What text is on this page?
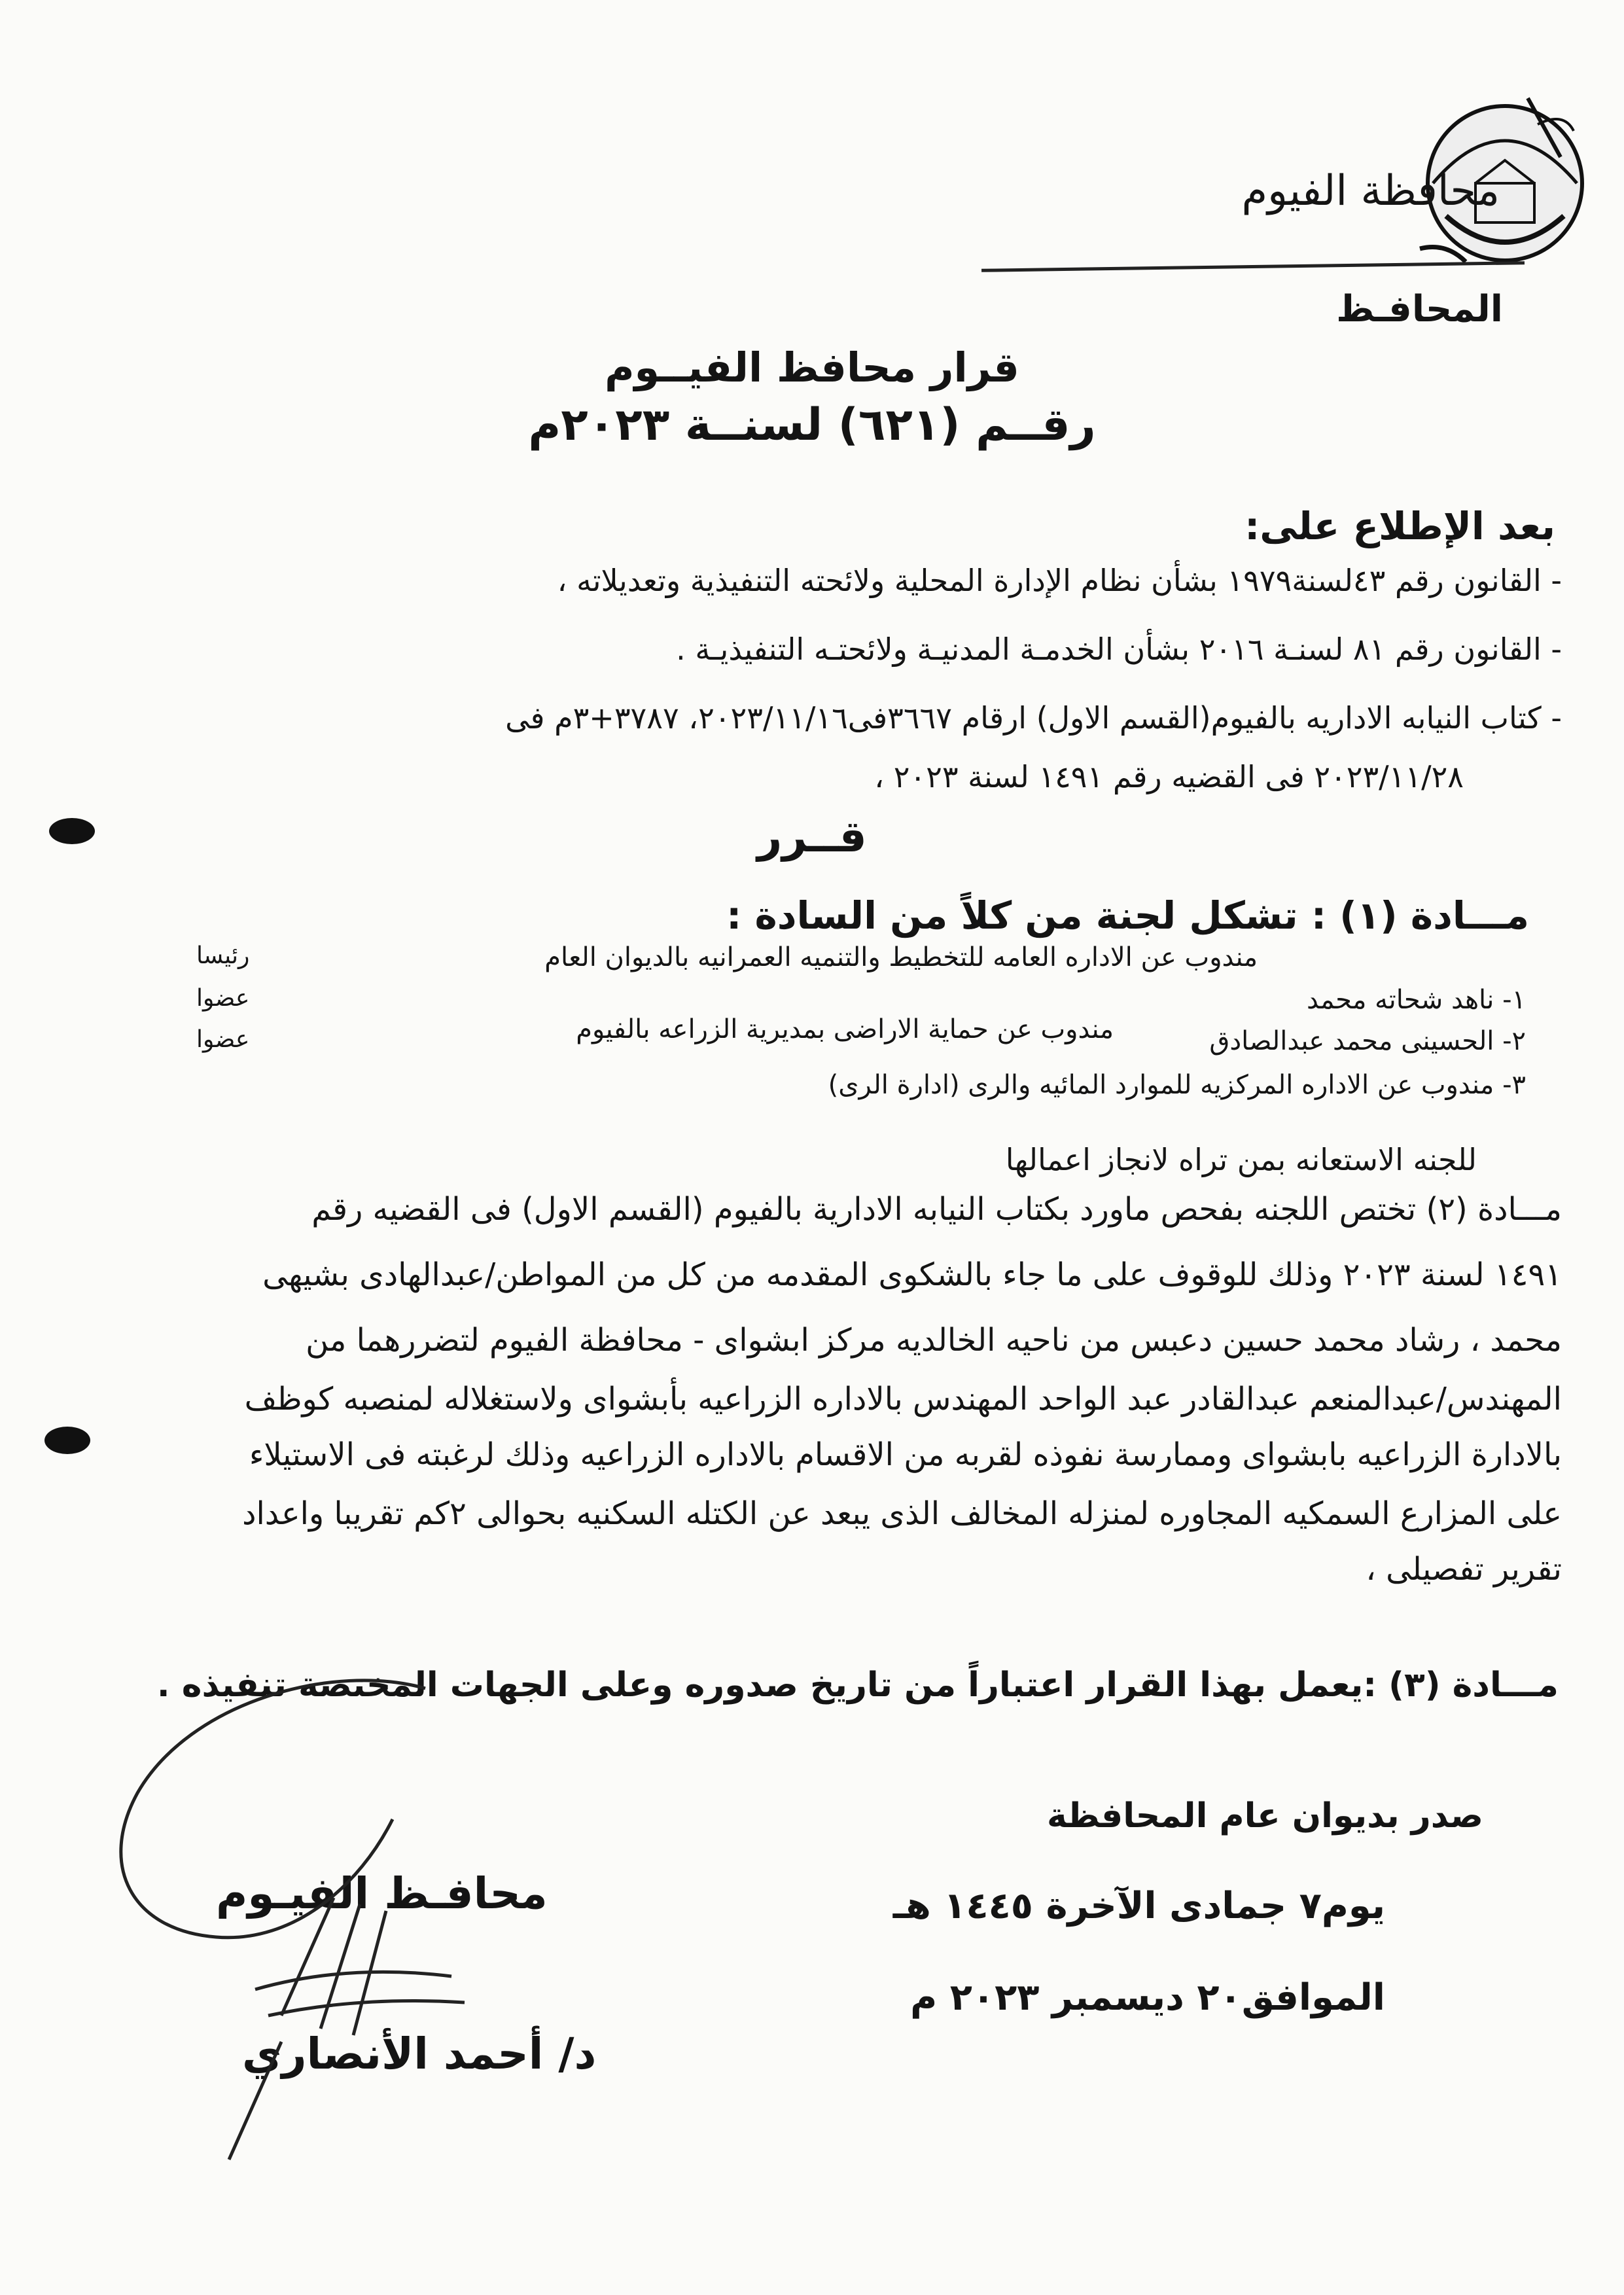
محافظة الفيوم
المحافـظ
قرار محافظ الفيــوم
رقــم (٦٢١) لسنــة ٢٠٢٣م
بعد الإطلاع على:
- القانون رقم ٤٣لسنة١٩٧٩ بشأن نظام الإدارة المحلية ولائحته التنفيذية وتعديلاته ،
- القانون رقم ٨١ لسنـة ٢٠١٦ بشأن الخدمـة المدنيـة ولائحتـه التنفيذيـة .
- كتاب النيابه الاداريه بالفيوم(القسم الاول) ارقام ٣٦٦٧فى٢٠٢٣/١١/١٦، ٣٧٨٧+٣م فى
٢٠٢٣/١١/٢٨ فى القضيه رقم ١٤٩١ لسنة ٢٠٢٣ ،
قــرر
مـــادة (١) : تشكل لجنة من كلاً من السادة :
مندوب عن الاداره العامه للتخطيط والتنميه العمرانيه بالديوان العام
رئيسا
١- ناهد شحاته محمد
عضوا
٢- الحسينى محمد عبدالصادق
مندوب عن حماية الاراضى بمديرية الزراعه بالفيوم
عضوا
٣- مندوب عن الاداره المركزيه للموارد المائيه والرى (ادارة الرى)
للجنه الاستعانه بمن تراه لانجاز اعمالها
مـــادة (٢) تختص اللجنه بفحص ماورد بكتاب النيابه الادارية بالفيوم (القسم الاول) فى القضيه رقم
١٤٩١ لسنة ٢٠٢٣ وذلك للوقوف على ما جاء بالشكوى المقدمه من كل من المواطن/عبدالهادى بشيهى
محمد ، رشاد محمد حسين دعبس من ناحيه الخالديه مركز ابشواى - محافظة الفيوم لتضررهما من
المهندس/عبدالمنعم عبدالقادر عبد الواحد المهندس بالاداره الزراعيه بأبشواى ولاستغلاله لمنصبه كوظف
بالادارة الزراعيه بابشواى وممارسة نفوذه لقربه من الاقسام بالاداره الزراعيه وذلك لرغبته فى الاستيلاء
على المزارع السمكيه المجاوره لمنزله المخالف الذى يبعد عن الكتله السكنيه بحوالى ٢كم تقريبا واعداد
تقرير تفصيلى ،
مـــادة (٣) :يعمل بهذا القرار اعتباراً من تاريخ صدوره وعلى الجهات المختصة تنفيذه .
صدر بديوان عام المحافظة
يوم٧ جمادى الآخرة ١٤٤٥ هـ
الموافق٢٠ ديسمبر ٢٠٢٣ م
محافـظ الفيـوم
د/ أحمد الأنصاري
